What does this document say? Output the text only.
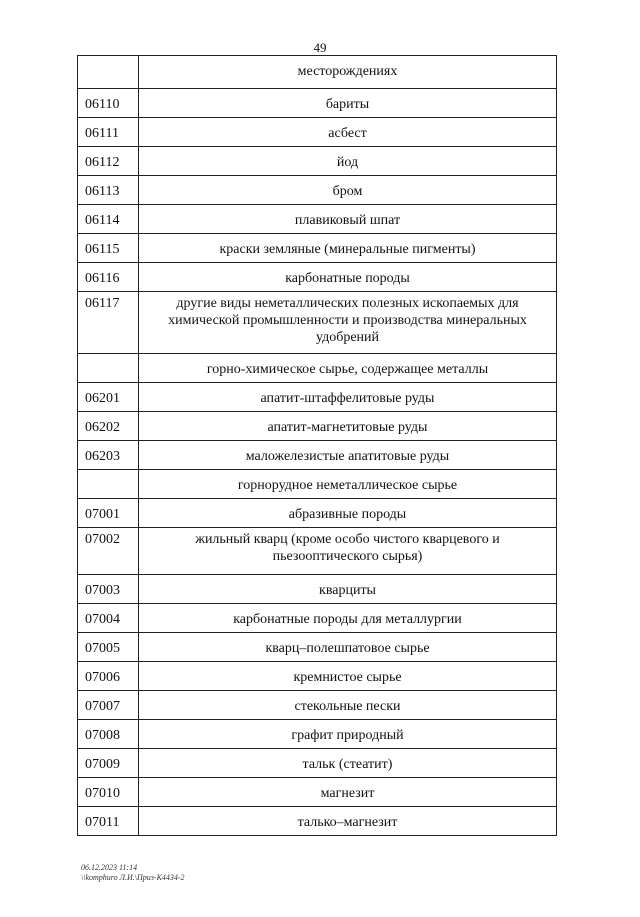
49
	месторождениях
06110	бариты
06111	асбест
06112	йод
06113	бром
06114	плавиковый шпат
06115	краски земляные (минеральные пигменты)
06116	карбонатные породы
06117	другие виды неметаллических полезных ископаемых для химической промышленности и производства минеральных удобрений
	горно-химическое сырье, содержащее металлы
06201	апатит-штаффелитовые руды
06202	апатит-магнетитовые руды
06203	маложелезистые апатитовые руды
	горнорудное неметаллическое сырье
07001	абразивные породы
07002	жильный кварц (кроме особо чистого кварцевого и пьезооптического сырья)
07003	кварциты
07004	карбонатные породы для металлургии
07005	кварц–полешпатовое сырье
07006	кремнистое сырье
07007	стекольные пески
07008	графит природный
07009	тальк (стеатит)
07010	магнезит
07011	талько–магнезит
06.12.2023 11:14
\\komphuro Л.И.\Приз-К4434-2
